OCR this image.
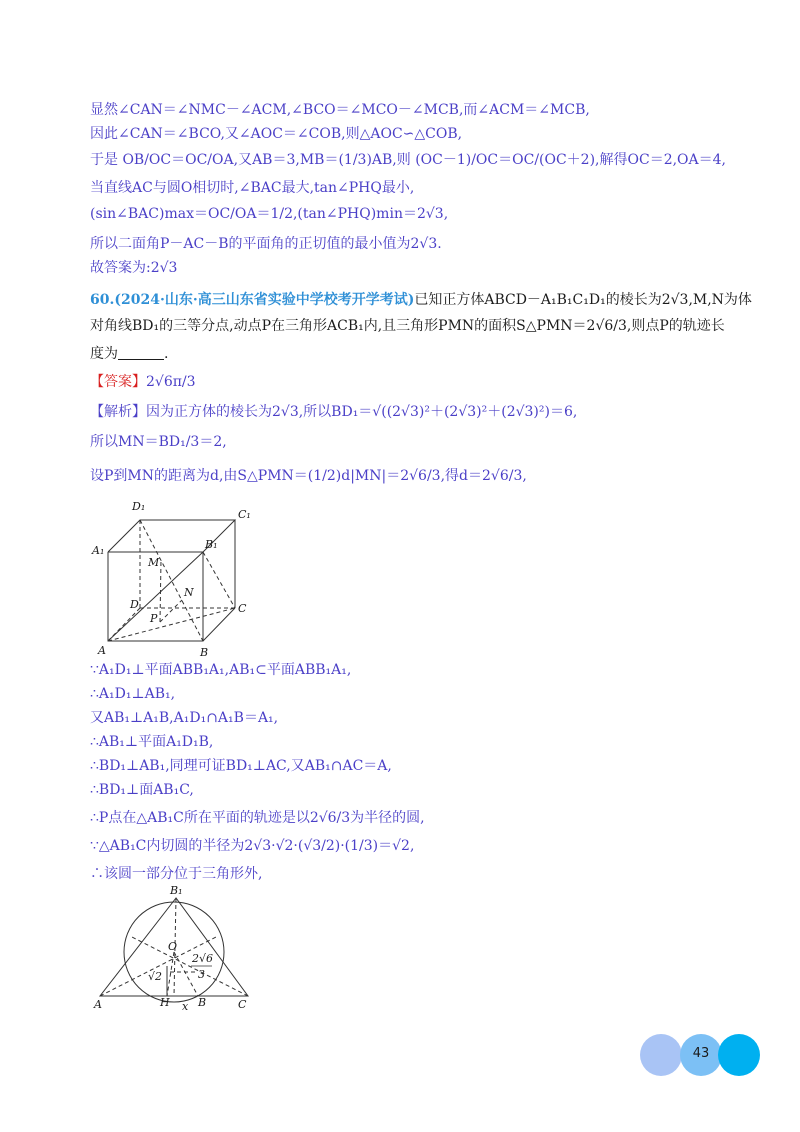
显然∠CAN＝∠NMC－∠ACM,∠BCO＝∠MCO－∠MCB,而∠ACM＝∠MCB,
因此∠CAN＝∠BCO,又∠AOC＝∠COB,则△AOC∽△COB,
于是 OB/OC＝OC/OA,又AB＝3,MB＝(1/3)AB,则 (OC－1)/OC＝OC/(OC＋2),解得OC＝2,OA＝4,
当直线AC与圆O相切时,∠BAC最大,tan∠PHQ最小,
(sin∠BAC)max＝OC/OA＝1/2,(tan∠PHQ)min＝2√3,
所以二面角P－AC－B的平面角的正切值的最小值为2√3.
故答案为:2√3
60.(2024·山东·高三山东省实验中学校考开学考试)已知正方体ABCD－A₁B₁C₁D₁的棱长为2√3,M,N为体
对角线BD₁的三等分点,动点P在三角形ACB₁内,且三角形PMN的面积S△PMN＝2√6/3,则点P的轨迹长
度为	.
【答案】2√6π/3
【解析】因为正方体的棱长为2√3,所以BD₁＝√((2√3)²＋(2√3)²＋(2√3)²)＝6,
所以MN＝BD₁/3＝2,
设P到MN的距离为d,由S△PMN＝(1/2)d|MN|＝2√6/3,得d＝2√6/3,
∵A₁D₁⊥平面ABB₁A₁,AB₁⊂平面ABB₁A₁,
∴A₁D₁⊥AB₁,
又AB₁⊥A₁B,A₁D₁∩A₁B＝A₁,
∴AB₁⊥平面A₁D₁B,
∴BD₁⊥AB₁,同理可证BD₁⊥AC,又AB₁∩AC＝A,
∴BD₁⊥面AB₁C,
∴P点在△AB₁C所在平面的轨迹是以2√6/3为半径的圆,
∵△AB₁C内切圆的半径为2√3·√2·(√3/2)·(1/3)＝√2,
∴该圆一部分位于三角形外,
D₁
C₁
A₁	B₁
M
D
N
C
P
A	B
B₁
O
2√6
3
√2
H x B
A	C
43
